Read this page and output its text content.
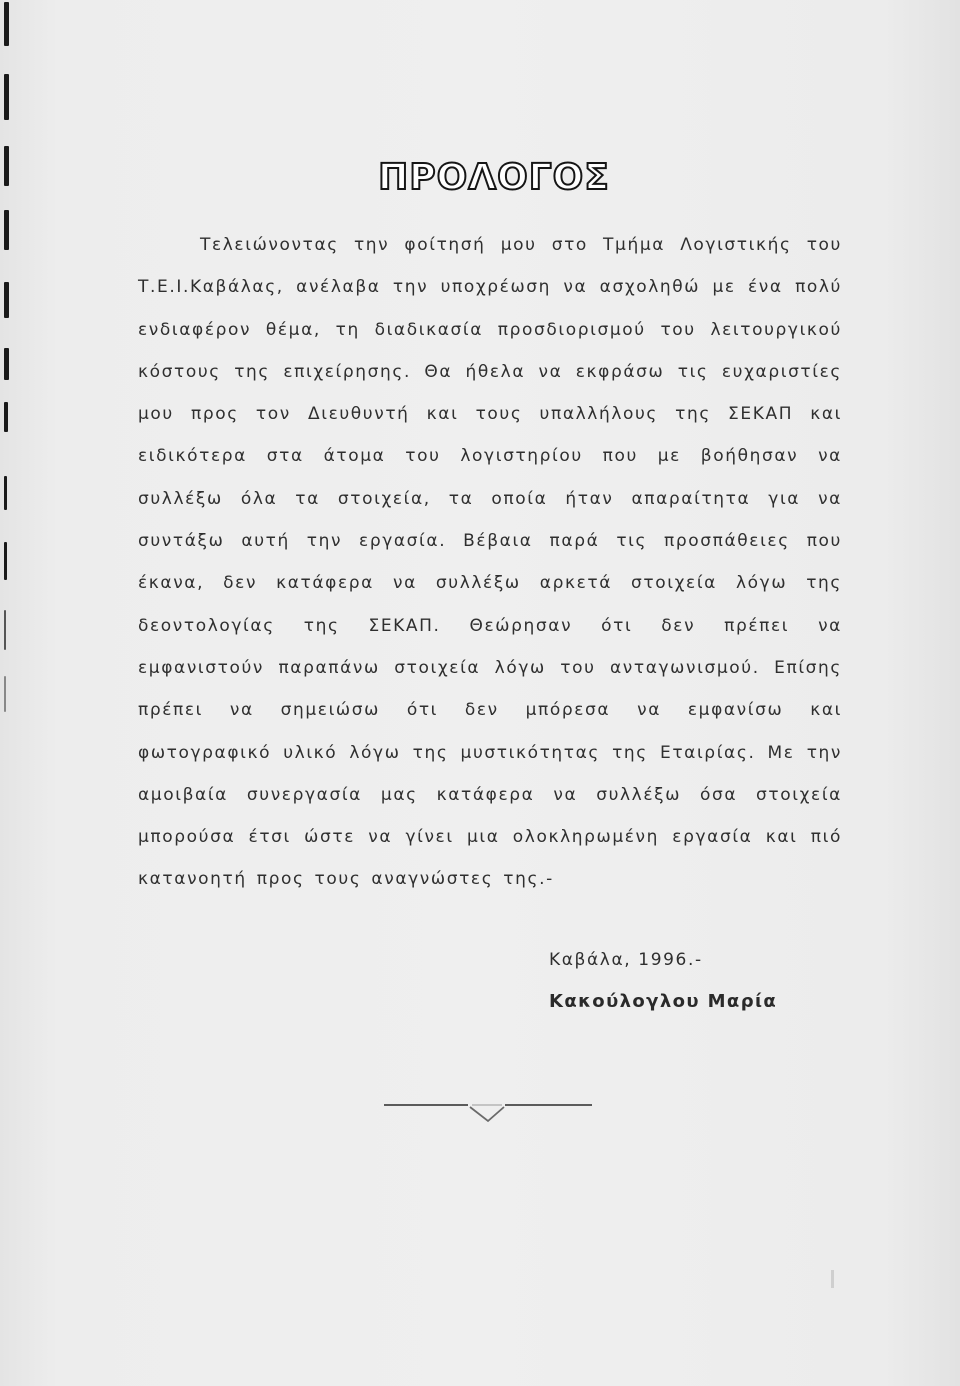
ΠΡΟΛΟΓΟΣ

Τελειώνοντας την φοίτησή μου στο Τμήμα Λογιστικής του Τ.Ε.Ι.Καβάλας, ανέλαβα την υποχρέωση να ασχοληθώ με ένα πολύ ενδιαφέρον θέμα, τη διαδικασία προσδιορισμού του λειτουργικού κόστους της επιχείρησης. Θα ήθελα να εκφράσω τις ευχαριστίες μου προς τον Διευθυντή και τους υπαλλήλους της ΣΕΚΑΠ και ειδικότερα στα άτομα του λογιστηρίου που με βοήθησαν να συλλέξω όλα τα στοιχεία, τα οποία ήταν απαραίτητα για να συντάξω αυτή την εργασία. Βέβαια παρά τις προσπάθειες που έκανα, δεν κατάφερα να συλλέξω αρκετά στοιχεία λόγω της δεοντολογίας της ΣΕΚΑΠ. Θεώρησαν ότι δεν πρέπει να εμφανιστούν παραπάνω στοιχεία λόγω του ανταγωνισμού. Επίσης πρέπει να σημειώσω ότι δεν μπόρεσα να εμφανίσω και φωτογραφικό υλικό λόγω της μυστικότητας της Εταιρίας. Με την αμοιβαία συνεργασία μας κατάφερα να συλλέξω όσα στοιχεία μπορούσα έτσι ώστε να γίνει μια ολοκληρωμένη εργασία και πιό κατανοητή προς τους αναγνώστες της.-

Καβάλα, 1996.-
Κακούλογλου Μαρία
